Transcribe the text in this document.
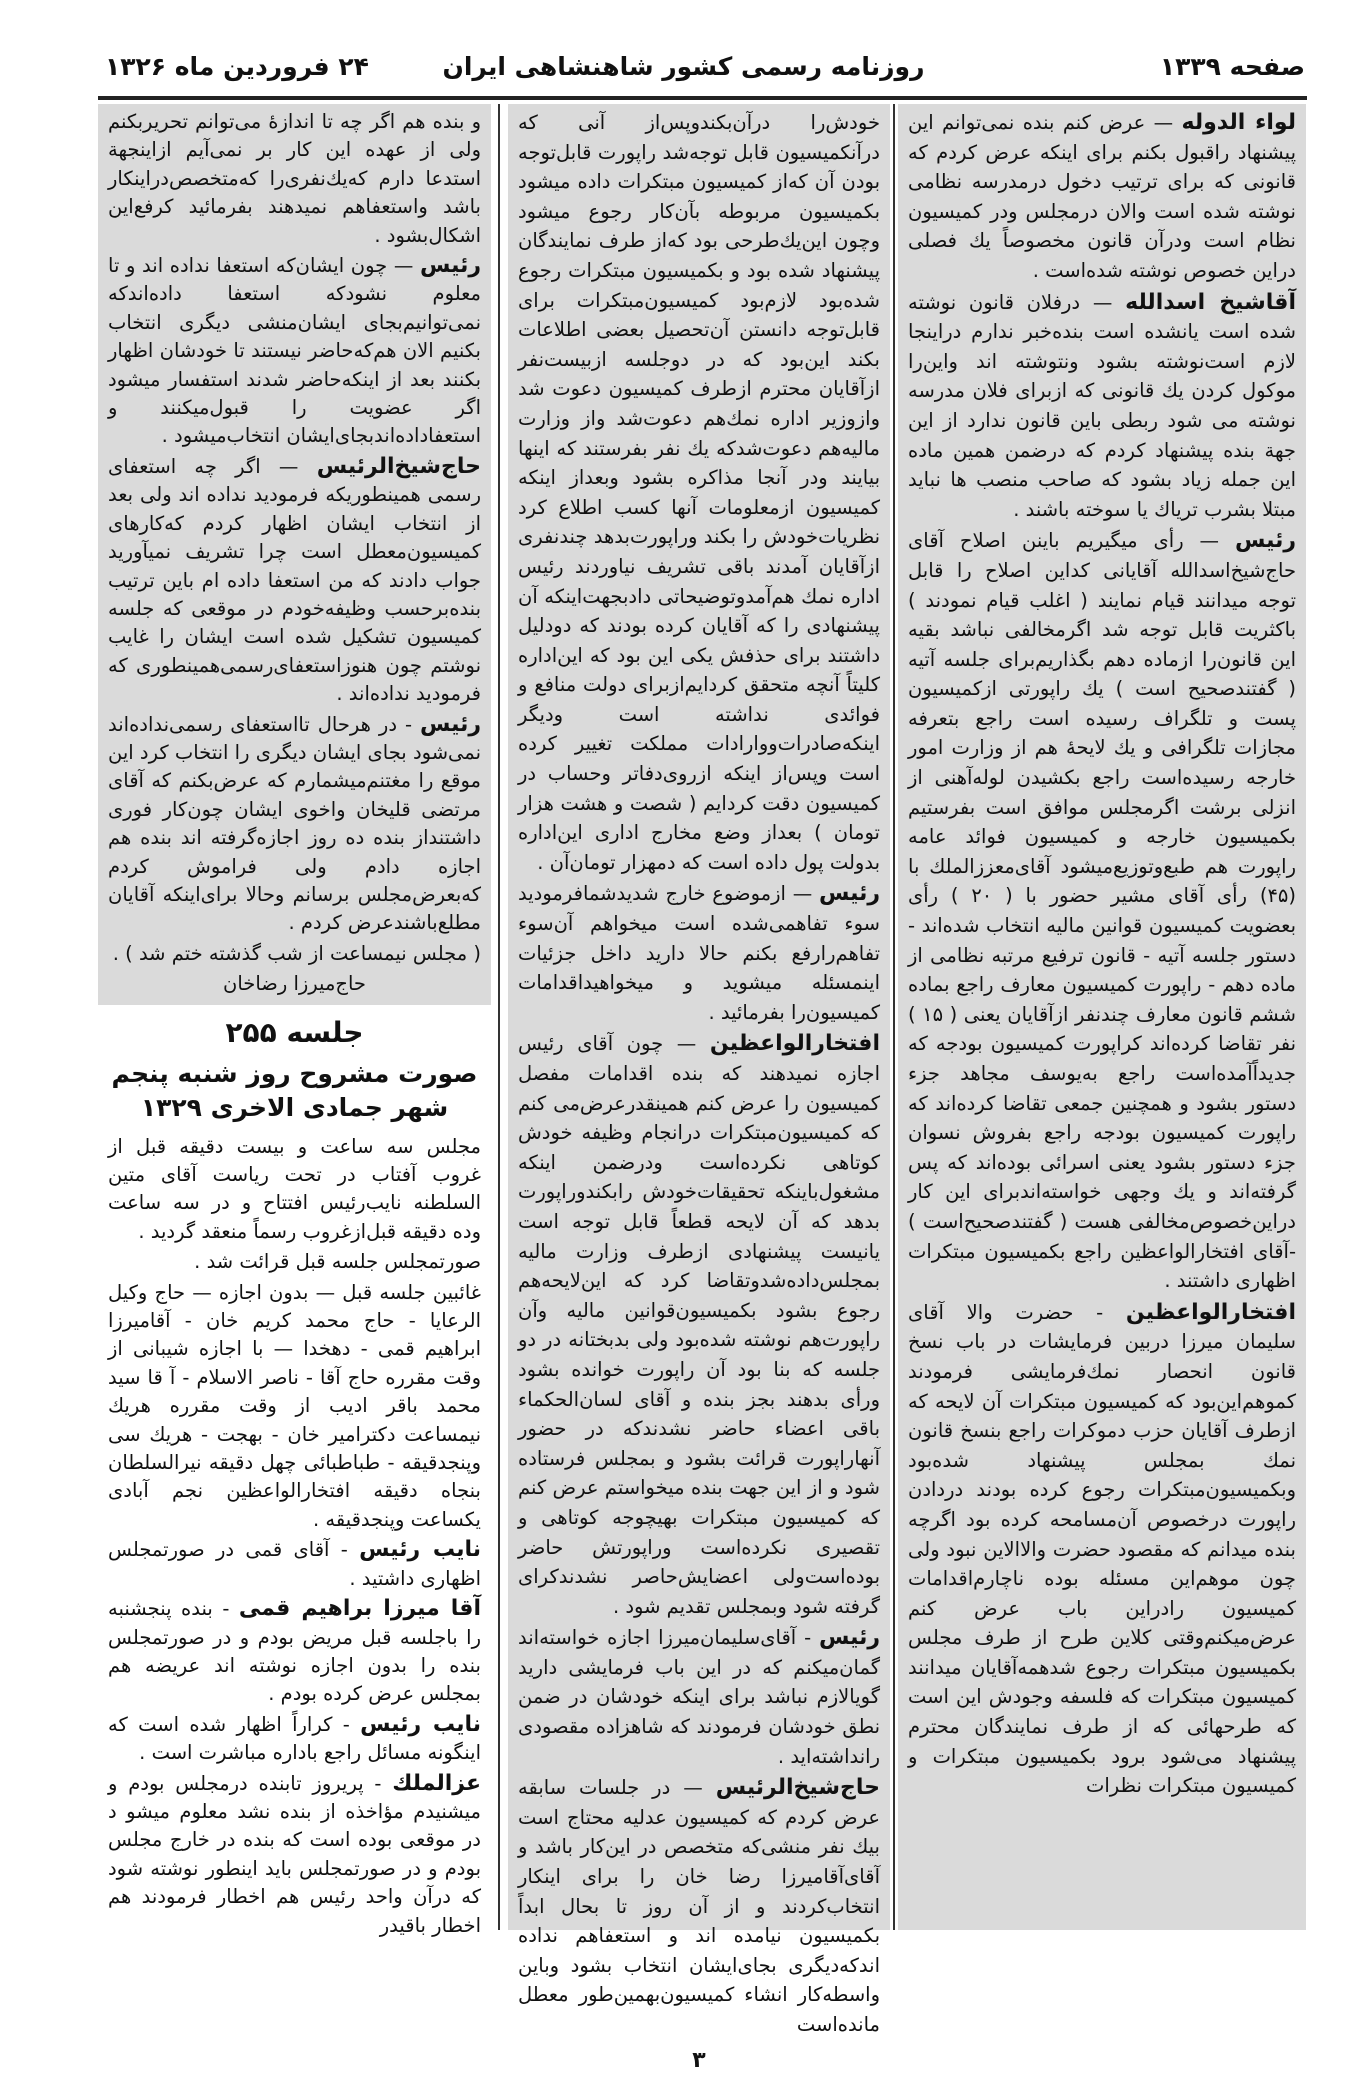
صفحه ۱۳۳۹
روزنامه رسمی کشور شاهنشاهی ایران
۲۴ فروردین ماه ۱۳۲۶

لواء الدوله — عرض کنم بنده نمی‌توانم این پیشنهاد راقبول بکنم برای اینکه عرض کردم که قانونی که برای ترتیب دخول درمدرسه نظامی نوشته شده است والان درمجلس ودر کمیسیون نظام است ودرآن قانون مخصوصاً یك فصلی دراین خصوص نوشته شده‌است .

آقاشیخ اسدالله — درفلان قانون نوشته شده است یانشده است بنده‌خبر ندارم دراینجا لازم است‌نوشته بشود ونتوشته اند واین‌را موکول کردن یك قانونی که ازبرای فلان مدرسه نوشته می شود ربطی باین قانون ندارد از این جهة بنده پیشنهاد کردم که درضمن همین ماده این جمله زیاد بشود که صاحب منصب ها نباید مبتلا بشرب تریاك یا سوخته باشند .

رئیس — رأی میگیریم باینن اصلاح آقای حاج‌شیخ‌اسدالله آقایانی کداین اصلاح را قابل توجه میدانند قیام نمایند ( اغلب قیام نمودند ) باکثریت قابل توجه شد اگرمخالفی نباشد بقیه این قانون‌را ازماده دهم بگذاریم‌برای جلسه آتیه ( گفتندصحیح است ) یك راپورتی ازکمیسیون پست و تلگراف رسیده است راجع بتعرفه مجازات تلگرافی و یك لایحهٔ هم از وزارت امور خارجه رسیده‌است راجع بکشیدن لوله‌آهنی از انزلی برشت اگرمجلس موافق است بفرستیم بکمیسیون خارجه و کمیسیون فوائد عامه راپورت هم طبع‌وتوزیع‌میشود آقای‌معززالملك با (۴۵) رأی آقای مشیر حضور با ( ۲۰ ) رأی بعضویت کمیسیون قوانین مالیه انتخاب شده‌اند - دستور جلسه آتیه - قانون ترفیع مرتبه نظامی از ماده دهم - راپورت کمیسیون معارف راجع بماده ششم قانون معارف چندنفر ازآقایان یعنی ( ۱۵ ) نفر تقاضا کرده‌اند کراپورت کمیسیون بودجه که جدیداًآمده‌است راجع به‌یوسف مجاهد جزء دستور بشود و همچنین جمعی تقاضا کرده‌اند که راپورت کمیسیون بودجه راجع بفروش نسوان جزء دستور بشود یعنی اسرائی بوده‌اند که پس گرفته‌اند و یك وجهی خواسته‌اندبرای این کار دراین‌خصوص‌مخالفی هست ( گفتندصحیح‌است ) -آقای افتخارالواعظین راجع بکمیسیون مبتکرات اظهاری داشتند .

افتخارالواعظین - حضرت والا آقای سلیمان میرزا دربین فرمایشات در باب نسخ قانون انحصار نمك‌فرمایشی فرمودند کموهم‌این‌بود که کمیسیون مبتکرات آن لایحه که ازطرف آقایان حزب دموکرات راجع بنسخ قانون نمك بمجلس پیشنهاد شده‌بود وبکمیسیون‌مبتکرات رجوع کرده بودند دردادن راپورت درخصوص آن‌مسامحه کرده بود اگرچه بنده میدانم که مقصود حضرت والاالاین نبود ولی چون موهم‌این مسئله بوده ناچارم‌اقدامات کمیسیون رادراین باب عرض کنم عرض‌میکنم‌وقتی کلاین طرح از طرف مجلس بکمیسیون مبتکرات رجوع شدهمه‌آقایان میدانند کمیسیون مبتکرات که فلسفه وجودش این است که طرحهائی که از طرف نمایندگان محترم پیشنهاد می‌شود برود بکمیسیون مبتکرات و کمیسیون مبتکرات نظرات

خودش‌را درآن‌بکندوپس‌از آنی که درآنکمیسیون قابل توجه‌شد راپورت قابل‌توجه بودن آن که‌از کمیسیون مبتکرات داده میشود بکمیسیون مربوطه بآن‌کار رجوع میشود وچون این‌یك‌طرحی بود که‌از طرف نمایندگان پیشنهاد شده بود و بکمیسیون مبتکرات رجوع شده‌بود لازم‌بود کمیسیون‌مبتکرات برای قابل‌توجه دانستن آن‌تحصیل بعضی اطلاعات بکند این‌بود که در دوجلسه ازبیست‌نفر ازآقایان محترم ازطرف کمیسیون دعوت شد وازوزیر اداره نمك‌هم دعوت‌شد واز وزارت مالیه‌هم دعوت‌شدکه یك نفر بفرستند که اینها بیایند ودر آنجا مذاکره بشود وبعداز اینکه کمیسیون ازمعلومات آنها کسب اطلاع کرد نظریات‌خودش را بکند وراپورت‌بدهد چندنفری ازآقایان آمدند باقی تشریف نیاوردند رئیس اداره نمك هم‌آمدوتوضیحاتی دادبجهت‌اینکه آن پیشنهادی را که آقایان کرده بودند که دودلیل داشتند برای حذفش یکی این بود که این‌اداره کلیتاً آنچه متحقق کردایم‌ازبرای دولت منافع و فوائدی نداشته است ودیگر اینکه‌صادرات‌ووارادات مملکت تغییر کرده است وپس‌از اینکه ازروی‌دفاتر وحساب در کمیسیون دقت کردایم ( شصت و هشت هزار تومان ) بعداز وضع مخارج اداری این‌اداره بدولت پول داده است که دمهزار تومان‌آن .

رئیس — ازموضوع خارج شدید‌شمافرمودید سوء تفاهمی‌شده است میخواهم آن‌سوء تفاهم‌رارفع بکنم حالا دارید داخل جزئیات اینمسئله میشوید و میخواهیداقدامات کمیسیون‌را بفرمائید .

افتخارالواعظین — چون آقای رئیس اجازه نمیدهند که بنده اقدامات مفصل کمیسیون را عرض کنم همینقدرعرض‌می کنم که کمیسیون‌مبتکرات درانجام وظیفه خودش کوتاهی نکرده‌است ودرضمن اینکه مشغول‌باینکه تحقیقات‌خودش رابکندوراپورت بدهد که آن لایحه قطعاً قابل توجه است یانیست پیشنهادی ازطرف وزارت مالیه بمجلس‌داده‌شدوتقاضا کرد که این‌لایحه‌هم رجوع بشود بکمیسیون‌قوانین مالیه وآن راپورت‌هم نوشته شده‌بود ولی بدبختانه در دو جلسه که بنا بود آن راپورت خوانده بشود ورأی بدهند بجز بنده و آقای لسان‌الحکماء باقی اعضاء حاضر نشدندکه در حضور آنهاراپورت قرائت بشود و بمجلس فرستاده شود و از این جهت بنده میخواستم عرض کنم که کمیسیون مبتکرات بهیچوجه کوتاهی و تقصیری نکرده‌است وراپورتش حاضر بوده‌است‌ولی اعضایش‌حاصر نشدند‌کرای گرفته شود وبمجلس تقدیم شود .

رئیس - آقای‌سلیمان‌میرزا اجازه خواسته‌اند گمان‌میکنم که در این باب فرمایشی دارید گویالازم نباشد برای اینکه خودشان در ضمن نطق خودشان فرمودند که شاهزاده مقصودی رانداشته‌اید .

حاج‌شیخ‌الرئیس — در جلسات سابقه عرض کردم که کمیسیون عدلیه محتاج است بیك نفر منشی‌که متخصص در این‌کار باشد و آقای‌آقامیرزا رضا خان را برای اینکار انتخاب‌کردند و از آن روز تا بحال ابداً بکمیسیون نیامده اند و استعفاهم نداده اندکه‌دیگری بجای‌ایشان انتخاب بشود وباین واسطه‌کار انشاء کمیسیون‌بهمین‌طور معطل مانده‌است

۳

و بنده هم اگر چه تا اندازهٔ می‌توانم تحریربکنم ولی از عهده این کار بر نمی‌آیم ازاینجهة استدعا دارم که‌یك‌نفری‌را که‌متخصص‌دراینکار باشد واستعفاهم نمیدهند بفرمائید کرفع‌این اشکال‌بشود .

رئیس — چون ایشان‌که استعفا نداده اند و تا معلوم نشود‌که استعفا داده‌اند‌که نمی‌توانیم‌بجای ایشان‌منشی دیگری انتخاب بکنیم الان هم‌که‌حاضر نیستند تا خودشان اظهار بکنند بعد از اینکه‌حاضر شدند استفسار میشود اگر عضویت را قبول‌میکنند و استعفاداده‌اندبجای‌ایشان انتخاب‌میشود .

حاج‌شیخ‌الرئیس — اگر چه استعفای رسمی همینطوریکه فرمودید نداده اند ولی بعد از انتخاب ایشان اظهار کردم که‌کارهای کمیسیون‌معطل است چرا تشریف نمیآورید جواب دادند که من استعفا داده ام باین ترتیب بنده‌برحسب وظیفه‌خودم در موقعی که جلسه کمیسیون تشکیل شده است ایشان را غایب نوشتم چون هنوزاستعفای‌رسمی‌همینطوری که فرمودید نداده‌اند .

رئیس - در هرحال تااستعفای رسمی‌نداده‌اند نمی‌شود بجای ایشان دیگری را انتخاب کرد این موقع را مغتنم‌میشمارم که عرض‌بکنم که آقای مرتضی قلیخان واخوی ایشان چون‌کار فوری داشتند‌از بنده ده روز اجازه‌گرفته اند بنده هم اجازه دادم ولی فراموش کردم که‌بعرض‌مجلس برسانم وحالا برای‌اینکه آقایان مطلع‌باشند‌عرض کردم .

( مجلس نیمساعت از شب گذشته ختم شد ) .

حاج‌میرزا رضاخان

جلسه ۲۵۵
صورت مشروح روز شنبه پنجم شهر جمادی الاخری ۱۳۲۹

مجلس سه ساعت و بیست دقیقه قبل از غروب آفتاب در تحت ریاست آقای متین السلطنه نایب‌رئیس افتتاح و در سه ساعت وده دقیقه قبل‌ازغروب رسماً منعقد گردید .

صورتمجلس جلسه قبل قرائت شد .

غائبین جلسه قبل — بدون اجازه — حاج وکیل الرعایا - حاج محمد کریم خان - آقامیرزا ابراهیم قمی - دهخدا — با اجازه شیبانی از وقت مقرره حاج آقا - ناصر الاسلام - آ قا سید محمد باقر ادیب از وقت مقرره هریك نیمساعت دکترامیر خان - بهجت - هریك سی وپنجدقیقه - طباطبائی چهل دقیقه نیرالسلطان بنجاه دقیقه افتخارالواعظین نجم آبادی یکساعت وپنجدقیقه .

نایب رئیس - آقای قمی در صورتمجلس اظهاری داشتید .

آقا میرزا براهیم قمی - بنده پنجشنبه را باجلسه قبل مریض بودم و در صورتمجلس بنده را بدون اجازه نوشته اند عریضه هم بمجلس عرض کرده بودم .

نایب رئیس - کراراً اظهار شده است که اینگونه مسائل راجع باداره مباشرت است .

عزالملك - پریروز تابنده درمجلس بودم و میشنیدم مؤاخذه از بنده نشد معلوم میشو د در موقعی بوده است که بنده در خارج مجلس بودم و در صورتمجلس باید اینطور نوشته شود که درآن واحد رئیس هم اخطار فرمودند هم اخطار باقیدر
